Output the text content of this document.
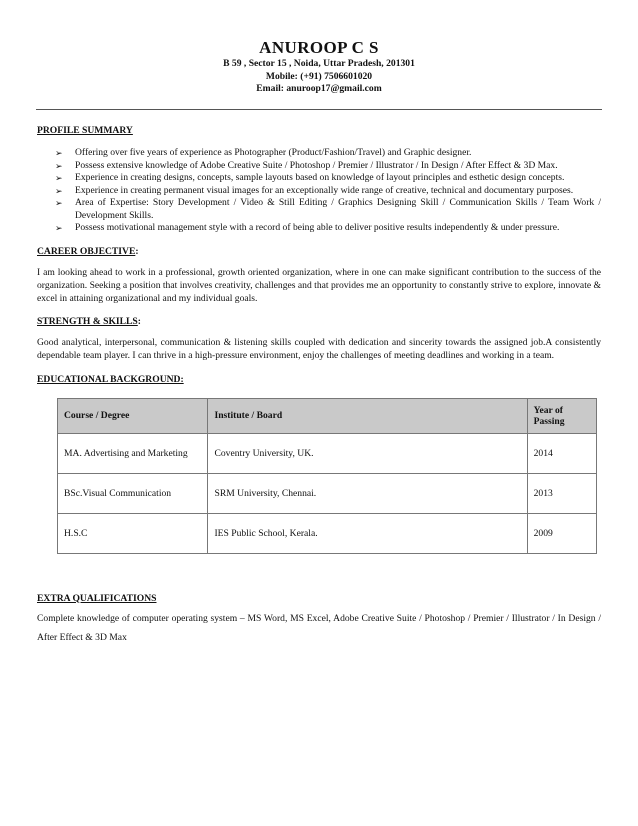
ANUROOP C S
B 59 , Sector 15 , Noida, Uttar Pradesh, 201301
Mobile: (+91) 7506601020
Email: anuroop17@gmail.com
PROFILE SUMMARY
➢ Offering over five years of experience as Photographer (Product/Fashion/Travel) and Graphic designer.
➢ Possess extensive knowledge of Adobe Creative Suite / Photoshop / Premier / Illustrator / In Design / After Effect & 3D Max.
➢ Experience in creating designs, concepts, sample layouts based on knowledge of layout principles and esthetic design concepts.
➢ Experience in creating permanent visual images for an exceptionally wide range of creative, technical and documentary purposes.
➢ Area of Expertise: Story Development / Video & Still Editing / Graphics Designing Skill / Communication Skills / Team Work / Development Skills.
➢ Possess motivational management style with a record of being able to deliver positive results independently & under pressure.
CAREER OBJECTIVE:
I am looking ahead to work in a professional, growth oriented organization, where in one can make significant contribution to the success of the organization. Seeking a position that involves creativity, challenges and that provides me an opportunity to constantly strive to explore, innovate & excel in attaining organizational and my individual goals.
STRENGTH & SKILLS:
Good analytical, interpersonal, communication & listening skills coupled with dedication and sincerity towards the assigned job.A consistently dependable team player. I can thrive in a high-pressure environment, enjoy the challenges of meeting deadlines and working in a team.
EDUCATIONAL BACKGROUND:
Course / Degree	Institute / Board	Year of Passing
MA. Advertising and Marketing	Coventry University, UK.	2014
BSc.Visual Communication	SRM University, Chennai.	2013
H.S.C	IES Public School, Kerala.	2009
EXTRA QUALIFICATIONS
Complete knowledge of computer operating system – MS Word, MS Excel, Adobe Creative Suite / Photoshop / Premier / Illustrator / In Design / After Effect & 3D Max
